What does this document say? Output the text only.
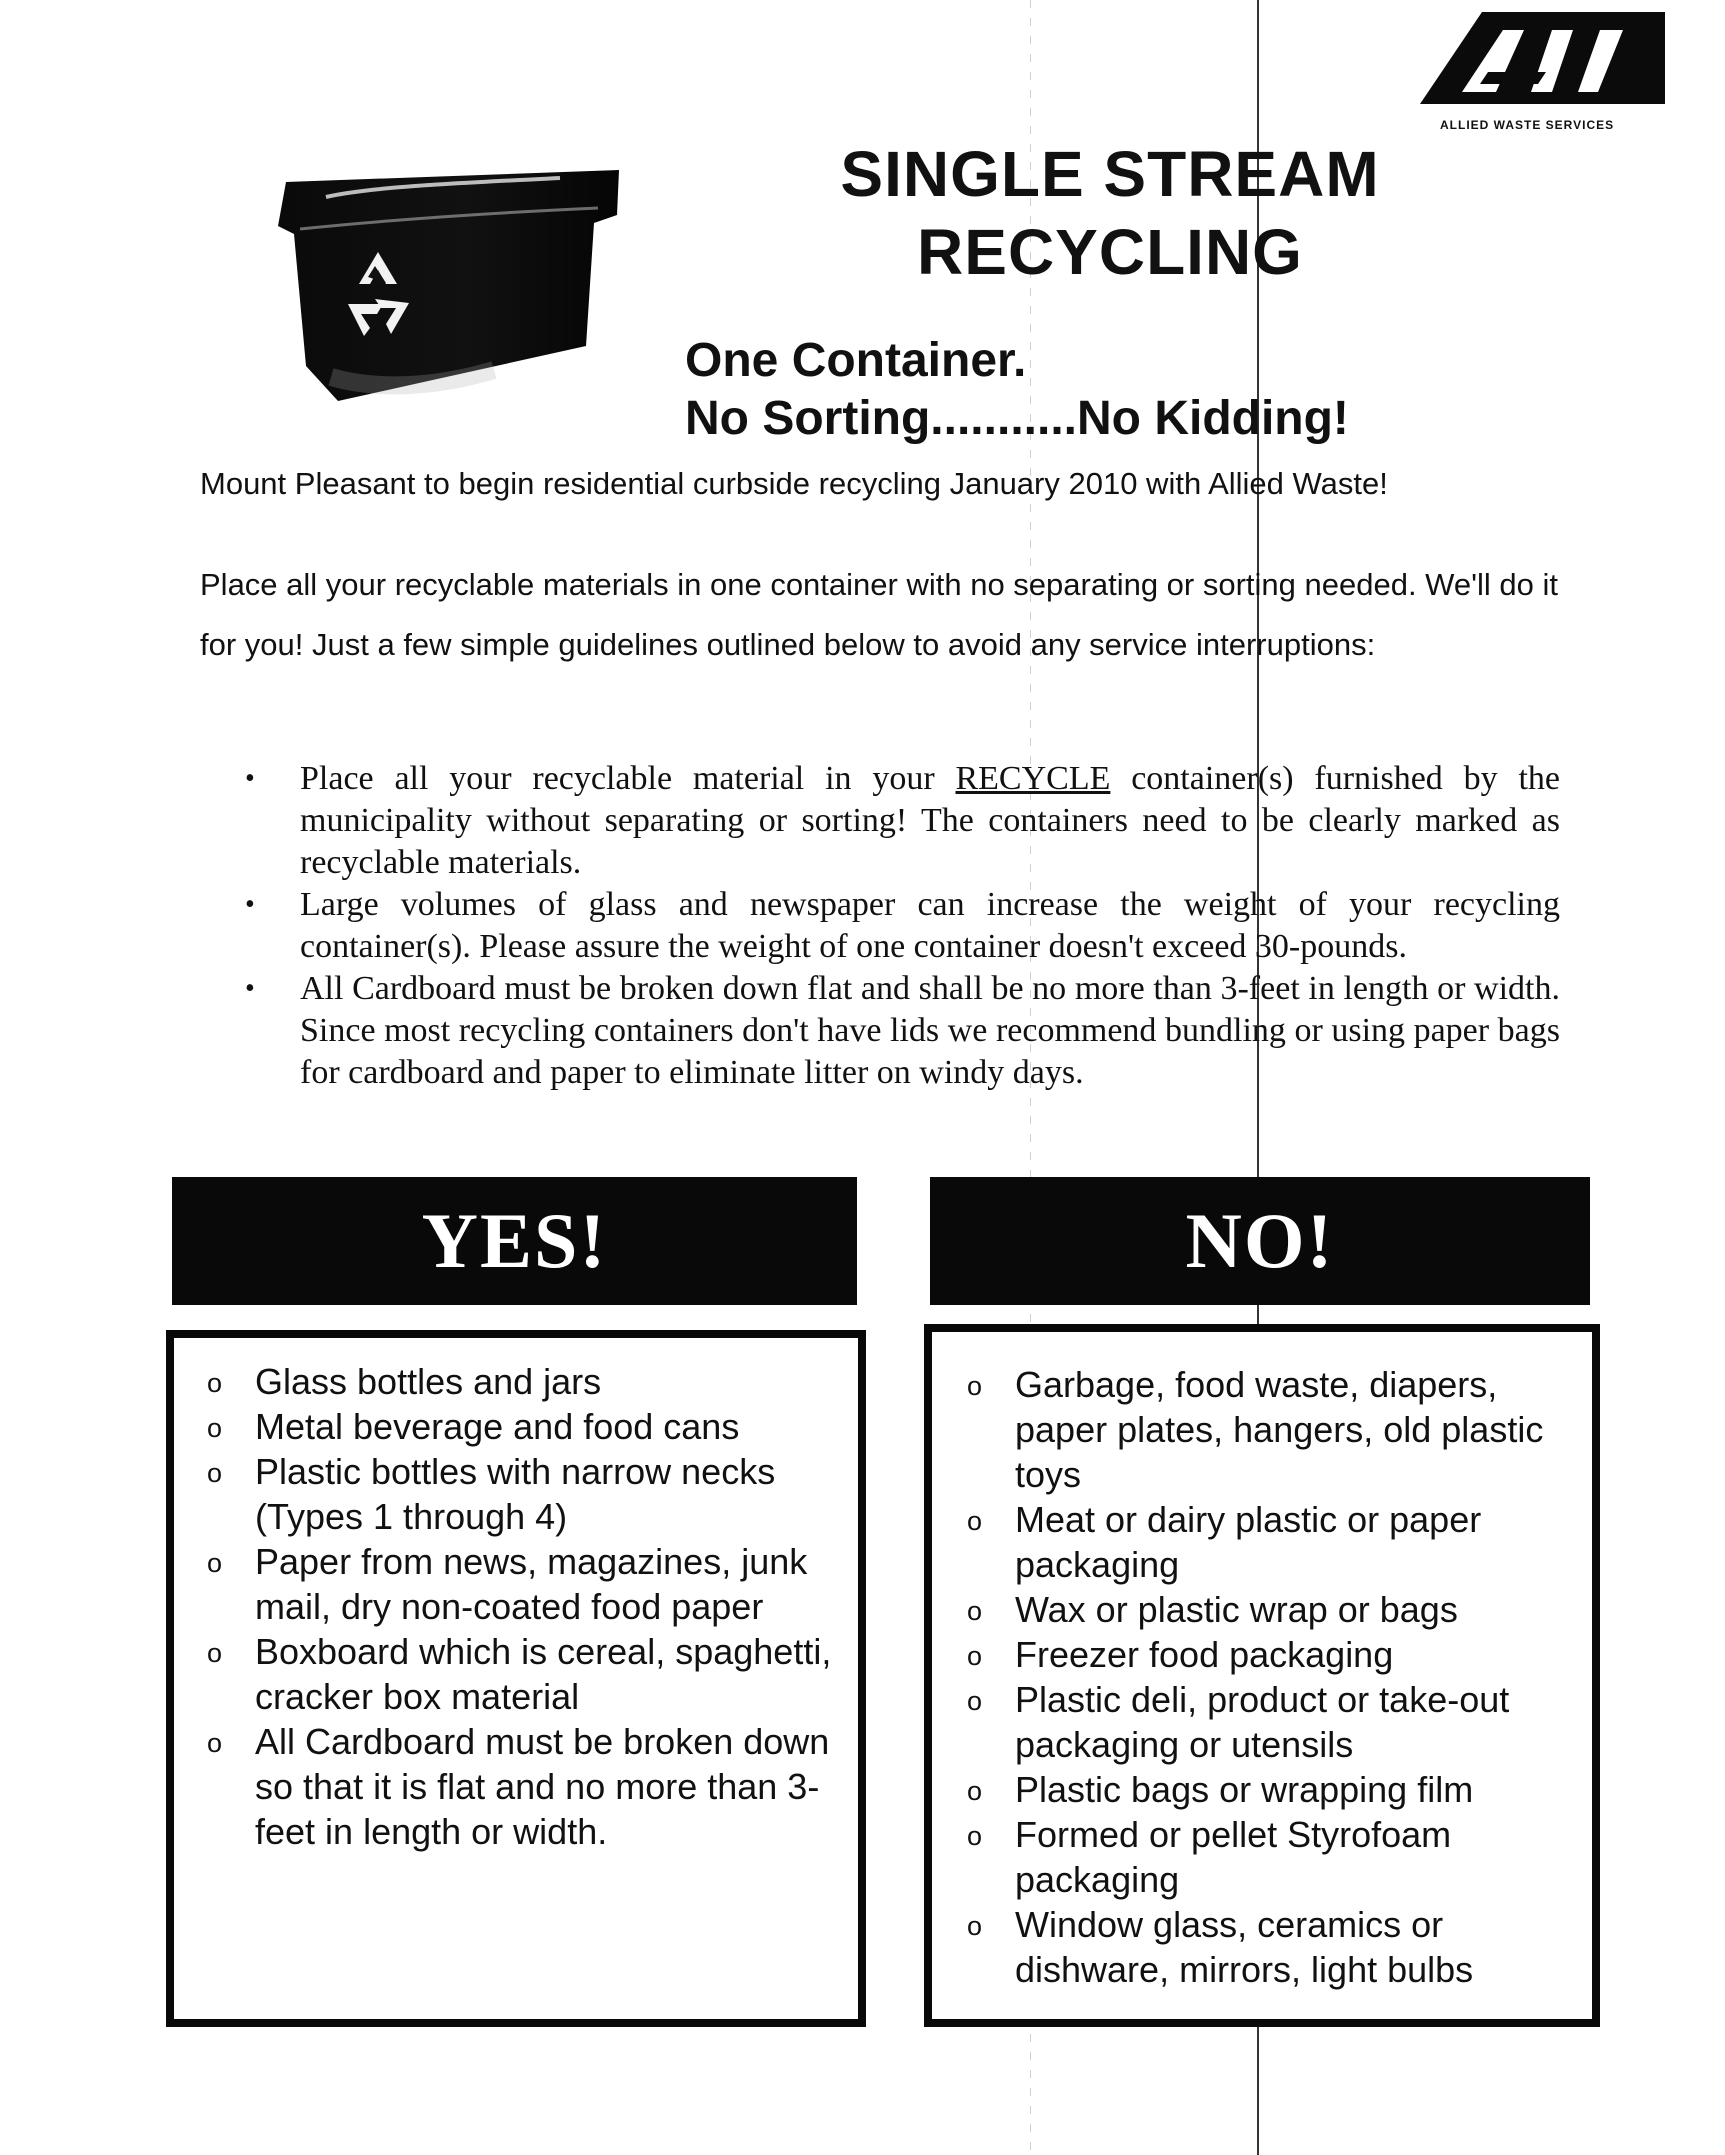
ALLIED WASTE SERVICES
SINGLE STREAM
RECYCLING
One Container.
No Sorting...........No Kidding!
Mount Pleasant to begin residential curbside recycling January 2010 with Allied Waste!
Place all your recyclable materials in one container with no separating or sorting needed. We'll do it for you! Just a few simple guidelines outlined below to avoid any service interruptions:
• Place all your recyclable material in your RECYCLE container(s) furnished by the municipality without separating or sorting! The containers need to be clearly marked as recyclable materials.
• Large volumes of glass and newspaper can increase the weight of your recycling container(s). Please assure the weight of one container doesn't exceed 30-pounds.
• All Cardboard must be broken down flat and shall be no more than 3-feet in length or width. Since most recycling containers don't have lids we recommend bundling or using paper bags for cardboard and paper to eliminate litter on windy days.
YES!	NO!
o Glass bottles and jars
o Metal beverage and food cans
o Plastic bottles with narrow necks (Types 1 through 4)
o Paper from news, magazines, junk mail, dry non-coated food paper
o Boxboard which is cereal, spaghetti, cracker box material
o All Cardboard must be broken down so that it is flat and no more than 3-feet in length or width.
o Garbage, food waste, diapers, paper plates, hangers, old plastic toys
o Meat or dairy plastic or paper packaging
o Wax or plastic wrap or bags
o Freezer food packaging
o Plastic deli, product or take-out packaging or utensils
o Plastic bags or wrapping film
o Formed or pellet Styrofoam packaging
o Window glass, ceramics or dishware, mirrors, light bulbs
